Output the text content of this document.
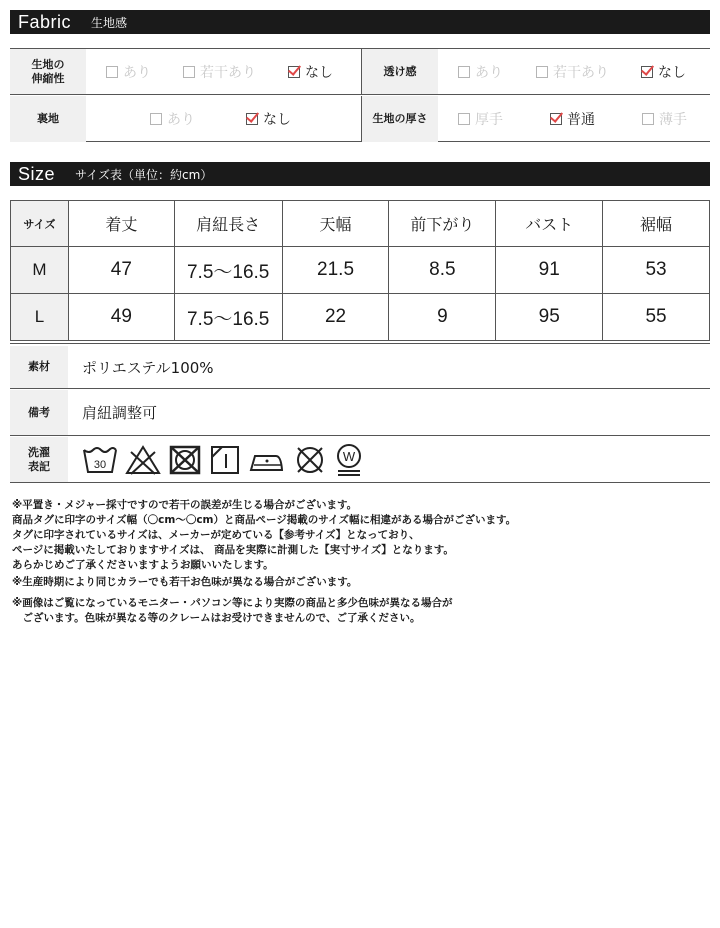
Fabric 生地感
生地の
伸縮性	あり	若干あり	なし	透け感	あり	若干あり	なし
裏地	あり	なし	生地の厚さ	厚手	普通	薄手
Size サイズ表（単位：約cm）
サイズ	着丈	肩紐長さ	天幅	前下がり	バスト	裾幅
M	47	7.5〜16.5	21.5	8.5	91	53
L	49	7.5〜16.5	22	9	95	55
素材	ポリエステル100%
備考	肩紐調整可
洗濯
表記	30
W

※平置き・メジャー採寸ですので若干の誤差が生じる場合がございます。

商品タグに印字のサイズ幅（〇cm〜〇cm）と商品ページ掲載のサイズ幅に相違がある場合がございます。

タグに印字されているサイズは、メーカーが定めている【参考サイズ】となっており、

ページに掲載いたしておりますサイズは、 商品を実際に計測した【実寸サイズ】となります。

あらかじめご了承くださいますようお願いいたします。

※生産時期により同じカラーでも若干お色味が異なる場合がございます。

※画像はご覧になっているモニター・パソコン等により実際の商品と多少色味が異なる場合が

　ございます。色味が異なる等のクレームはお受けできませんので、ご了承ください。
